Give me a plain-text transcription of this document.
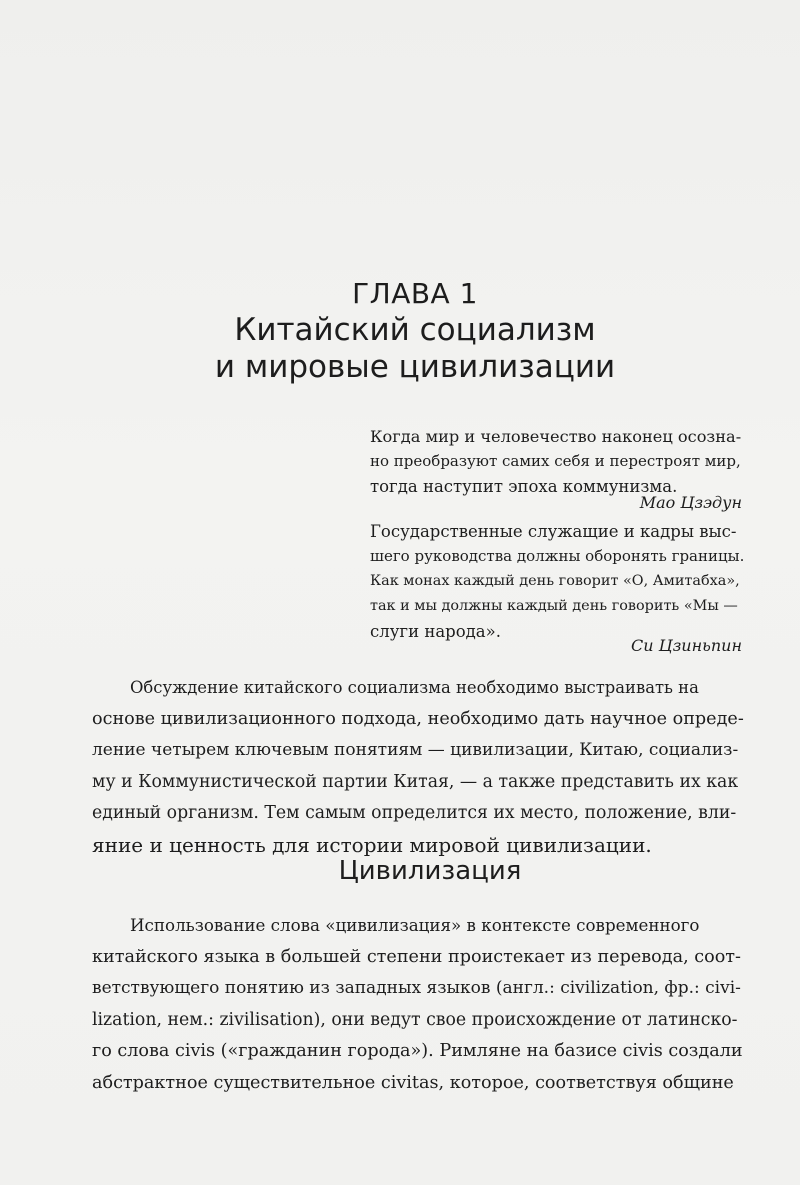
ГЛАВА 1
Китайский социализм
и мировые цивилизации
Когда мир и человечество наконец осозна-
но преобразуют самих себя и перестроят мир,
тогда наступит эпоха коммунизма.
Мао Цзэдун
Государственные служащие и кадры выс-
шего руководства должны оборонять границы.
Как монах каждый день говорит «О, Амитабха»,
так и мы должны каждый день говорить «Мы —
слуги народа».
Си Цзиньпин
Обсуждение китайского социализма необходимо выстраивать на
основе цивилизационного подхода, необходимо дать научное опреде-
ление четырем ключевым понятиям — цивилизации, Китаю, социализ-
му и Коммунистической партии Китая, — а также представить их как
единый организм. Тем самым определится их место, положение, вли-
яние и ценность для истории мировой цивилизации.
Цивилизация
Использование слова «цивилизация» в контексте современного
китайского языка в большей степени проистекает из перевода, соот-
ветствующего понятию из западных языков (англ.: civilization, фр.: civi-
lization, нем.: zivilisation), они ведут свое происхождение от латинско-
го слова civis («гражданин города»). Римляне на базисе civis создали
абстрактное существительное civitas, которое, соответствуя общине
